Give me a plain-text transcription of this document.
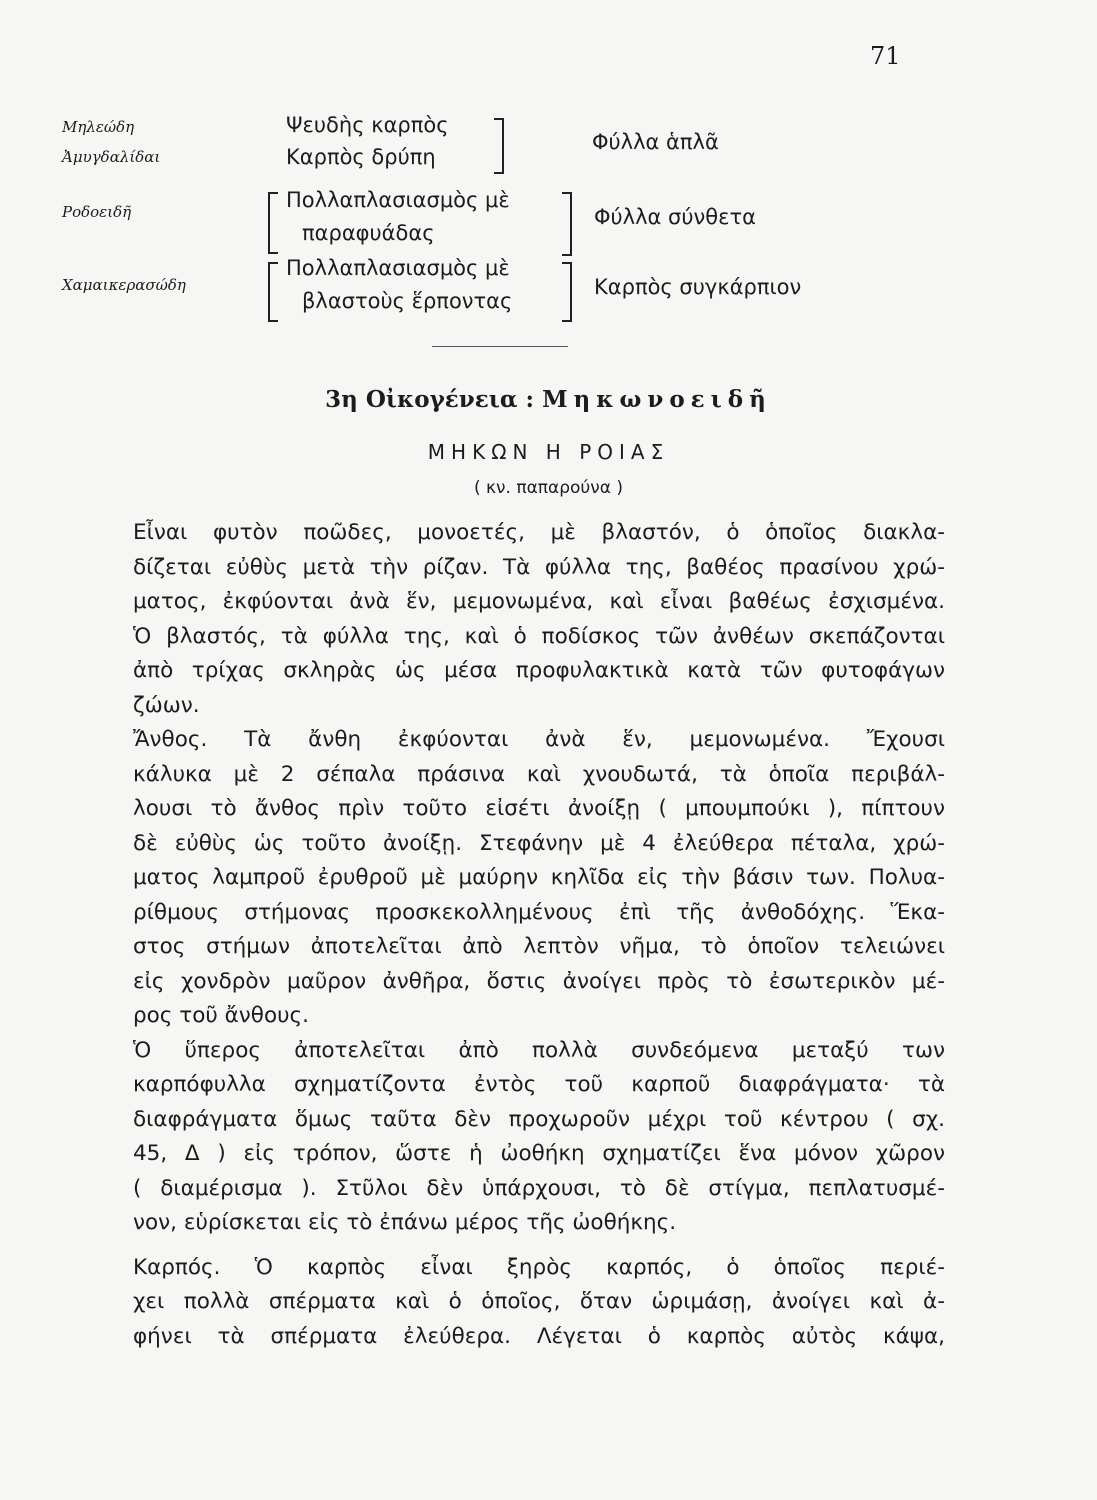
71
Μηλεώδη
Ἀμυγδαλίδαι
Ροδοειδῆ
Χαμαικερασώδη
Ψευδὴς καρπὸς
Καρπὸς δρύπη
Πολλαπλασιασμὸς μὲ
παραφυάδας
Πολλαπλασιασμὸς μὲ
βλαστοὺς ἕρποντας
Φύλλα ἁπλᾶ
Φύλλα σύνθετα
Καρπὸς συγκάρπιον
3η Οἰκογένεια : Μηκωνοειδῆ
ΜΗΚΩΝ Η ΡΟΙΑΣ
( κν. παπαρούνα )
Εἶναι φυτὸν ποῶδες, μονοετές, μὲ βλαστόν, ὁ ὁποῖος διακλα-
δίζεται εὐθὺς μετὰ τὴν ρίζαν. Τὰ φύλλα της, βαθέος πρασίνου χρώ-
ματος, ἐκφύονται ἀνὰ ἕν, μεμονωμένα, καὶ εἶναι βαθέως ἐσχισμένα.
Ὁ βλαστός, τὰ φύλλα της, καὶ ὁ ποδίσκος τῶν ἀνθέων σκεπάζονται
ἀπὸ τρίχας σκληρὰς ὡς μέσα προφυλακτικὰ κατὰ τῶν φυτοφάγων
ζώων.
Ἄνθος. Τὰ ἄνθη ἐκφύονται ἀνὰ ἕν, μεμονωμένα. Ἔχουσι
κάλυκα μὲ 2 σέπαλα πράσινα καὶ χνουδωτά, τὰ ὁποῖα περιβάλ-
λουσι τὸ ἄνθος πρὶν τοῦτο εἰσέτι ἀνοίξῃ ( μπουμπούκι ), πίπτουν
δὲ εὐθὺς ὡς τοῦτο ἀνοίξῃ. Στεφάνην μὲ 4 ἐλεύθερα πέταλα, χρώ-
ματος λαμπροῦ ἐρυθροῦ μὲ μαύρην κηλῖδα εἰς τὴν βάσιν των. Πολυα-
ρίθμους στήμονας προσκεκολλημένους ἐπὶ τῆς ἀνθοδόχης. Ἕκα-
στος στήμων ἀποτελεῖται ἀπὸ λεπτὸν νῆμα, τὸ ὁποῖον τελειώνει
εἰς χονδρὸν μαῦρον ἀνθῆρα, ὅστις ἀνοίγει πρὸς τὸ ἐσωτερικὸν μέ-
ρος τοῦ ἄνθους.
Ὁ ὕπερος ἀποτελεῖται ἀπὸ πολλὰ συνδεόμενα μεταξύ των
καρπόφυλλα σχηματίζοντα ἐντὸς τοῦ καρποῦ διαφράγματα· τὰ
διαφράγματα ὅμως ταῦτα δὲν προχωροῦν μέχρι τοῦ κέντρου ( σχ.
45, Δ ) εἰς τρόπον, ὥστε ἡ ὠοθήκη σχηματίζει ἕνα μόνον χῶρον
( διαμέρισμα ). Στῦλοι δὲν ὑπάρχουσι, τὸ δὲ στίγμα, πεπλατυσμέ-
νον, εὑρίσκεται εἰς τὸ ἐπάνω μέρος τῆς ὠοθήκης.
Καρπός. Ὁ καρπὸς εἶναι ξηρὸς καρπός, ὁ ὁποῖος περιέ-
χει πολλὰ σπέρματα καὶ ὁ ὁποῖος, ὅταν ὡριμάσῃ, ἀνοίγει καὶ ἀ-
φήνει τὰ σπέρματα ἐλεύθερα. Λέγεται ὁ καρπὸς αὐτὸς κάψα,
